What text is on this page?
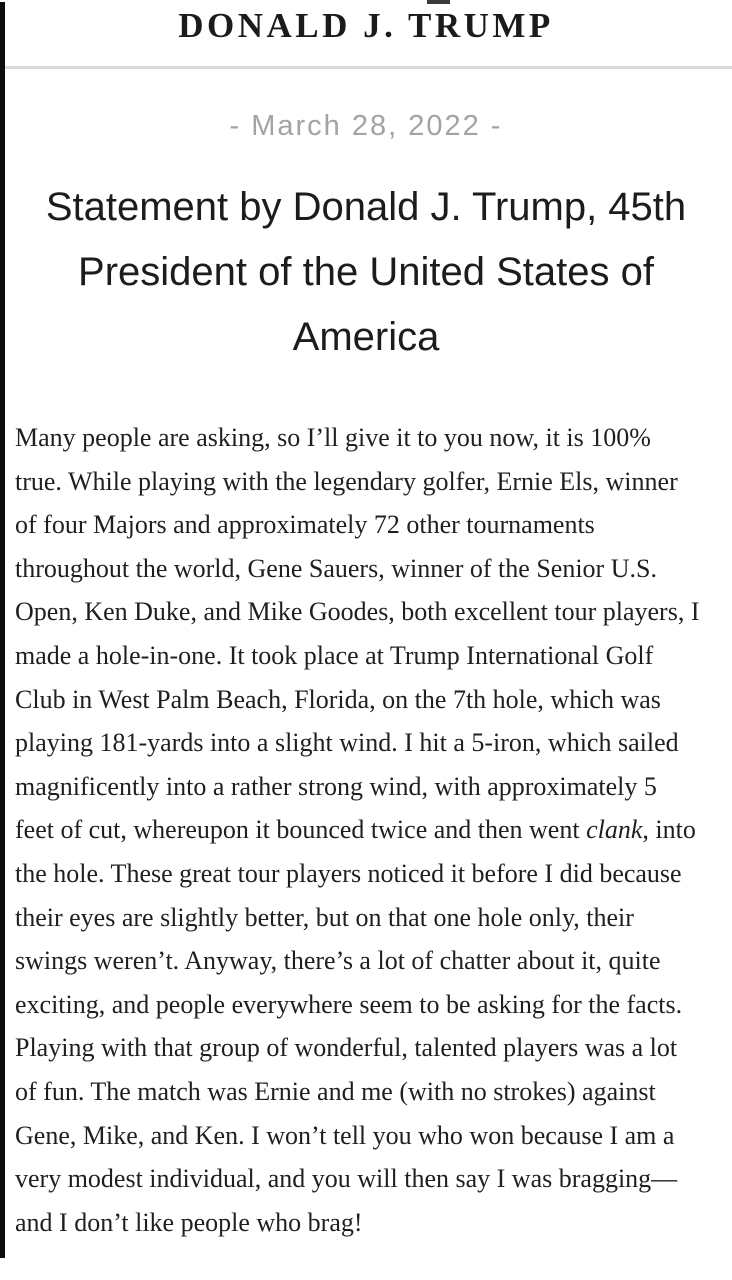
DONALD J. TRUMP
- March 28, 2022 -
Statement by Donald J. Trump, 45th
President of the United States of
America
Many people are asking, so I’ll give it to you now, it is 100%
true. While playing with the legendary golfer, Ernie Els, winner
of four Majors and approximately 72 other tournaments
throughout the world, Gene Sauers, winner of the Senior U.S.
Open, Ken Duke, and Mike Goodes, both excellent tour players, I
made a hole-in-one. It took place at Trump International Golf
Club in West Palm Beach, Florida, on the 7th hole, which was
playing 181-yards into a slight wind. I hit a 5-iron, which sailed
magnificently into a rather strong wind, with approximately 5
feet of cut, whereupon it bounced twice and then went clank, into
the hole. These great tour players noticed it before I did because
their eyes are slightly better, but on that one hole only, their
swings weren’t. Anyway, there’s a lot of chatter about it, quite
exciting, and people everywhere seem to be asking for the facts.
Playing with that group of wonderful, talented players was a lot
of fun. The match was Ernie and me (with no strokes) against
Gene, Mike, and Ken. I won’t tell you who won because I am a
very modest individual, and you will then say I was bragging—
and I don’t like people who brag!
